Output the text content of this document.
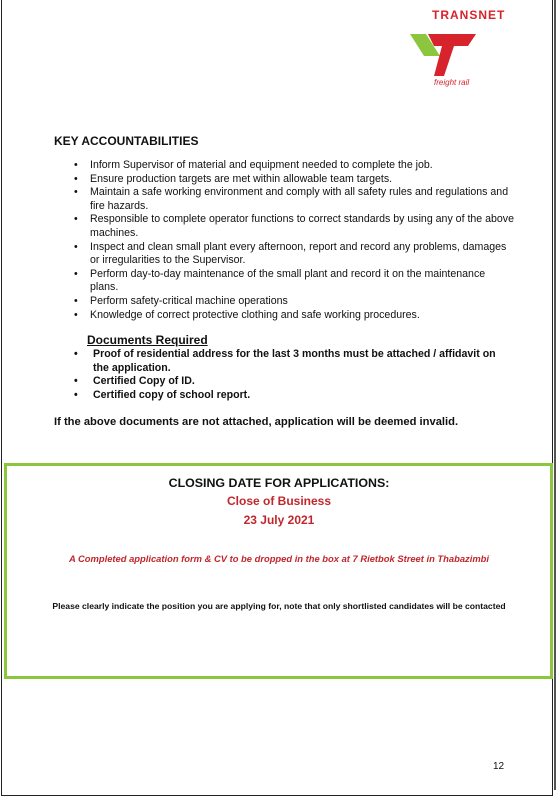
TRANSNET
freight rail
KEY ACCOUNTABILITIES
• Inform Supervisor of material and equipment needed to complete the job.
• Ensure production targets are met within allowable team targets.
• Maintain a safe working environment and comply with all safety rules and regulations and fire hazards.
• Responsible to complete operator functions to correct standards by using any of the above machines.
• Inspect and clean small plant every afternoon, report and record any problems, damages or irregularities to the Supervisor.
• Perform day-to-day maintenance of the small plant and record it on the maintenance plans.
• Perform safety-critical machine operations
• Knowledge of correct protective clothing and safe working procedures.
Documents Required
• Proof of residential address for the last 3 months must be attached / affidavit on the application.
• Certified Copy of ID.
• Certified copy of school report.
If the above documents are not attached, application will be deemed invalid.
CLOSING DATE FOR APPLICATIONS:
Close of Business
23 July 2021
A Completed application form & CV to be dropped in the box at 7 Rietbok Street in Thabazimbi
Please clearly indicate the position you are applying for, note that only shortlisted candidates will be contacted
12
